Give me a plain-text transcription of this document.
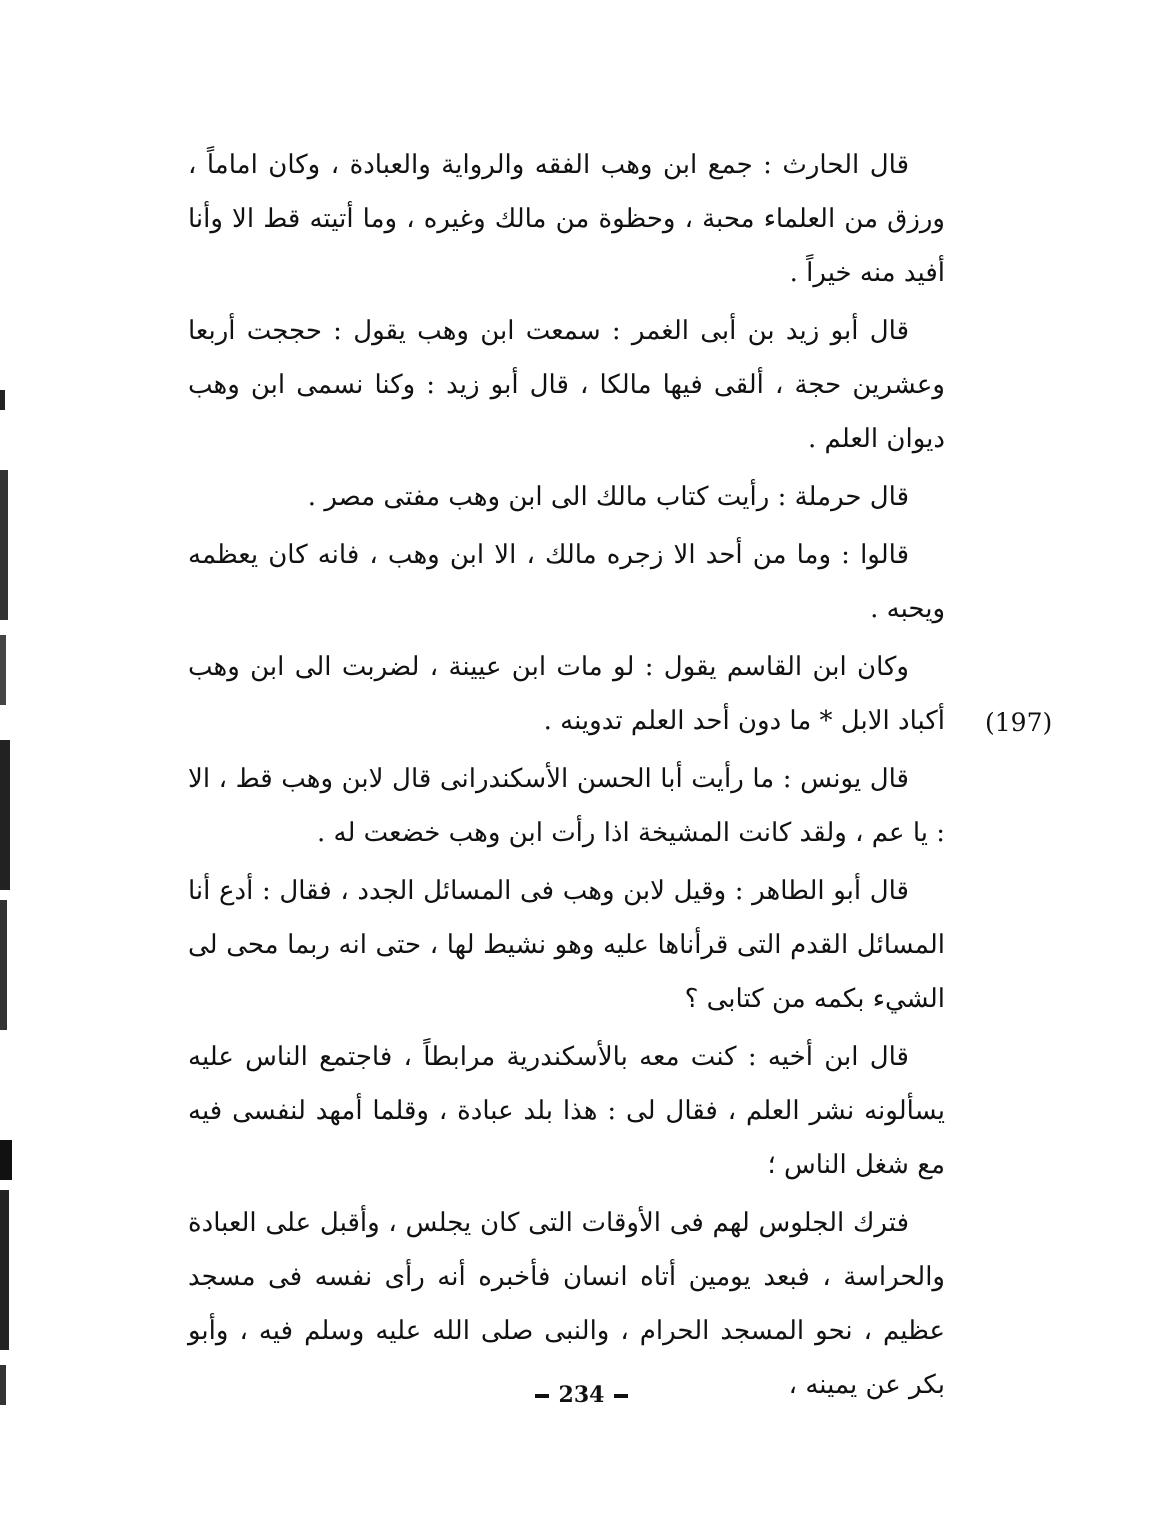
قال الحارث : جمع ابن وهب الفقه والرواية والعبادة ، وكان اماماً ، ورزق من العلماء محبة ، وحظوة من مالك وغيره ، وما أتيته قط الا وأنا أفيد منه خيراً .

قال أبو زيد بن أبى الغمر : سمعت ابن وهب يقول : حججت أربعا وعشرين حجة ، ألقى فيها مالكا ، قال أبو زيد : وكنا نسمى ابن وهب ديوان العلم .

قال حرملة : رأيت كتاب مالك الى ابن وهب مفتى مصر .

قالوا : وما من أحد الا زجره مالك ، الا ابن وهب ، فانه كان يعظمه ويحبه .

وكان ابن القاسم يقول : لو مات ابن عيينة ، لضربت الى ابن وهب أكباد الابل * ما دون أحد العلم تدوينه .

قال يونس : ما رأيت أبا الحسن الأسكندرانى قال لابن وهب قط ، الا : يا عم ، ولقد كانت المشيخة اذا رأت ابن وهب خضعت له .

قال أبو الطاهر : وقيل لابن وهب فى المسائل الجدد ، فقال : أدع أنا المسائل القدم التى قرأناها عليه وهو نشيط لها ، حتى انه ربما محى لى الشيء بكمه من كتابى ؟

قال ابن أخيه : كنت معه بالأسكندرية مرابطاً ، فاجتمع الناس عليه يسألونه نشر العلم ، فقال لى : هذا بلد عبادة ، وقلما أمهد لنفسى فيه مع شغل الناس ؛

فترك الجلوس لهم فى الأوقات التى كان يجلس ، وأقبل على العبادة والحراسة ، فبعد يومين أتاه انسان فأخبره أنه رأى نفسه فى مسجد عظيم ، نحو المسجد الحرام ، والنبى صلى الله عليه وسلم فيه ، وأبو بكر عن يمينه ،

(197)
234
